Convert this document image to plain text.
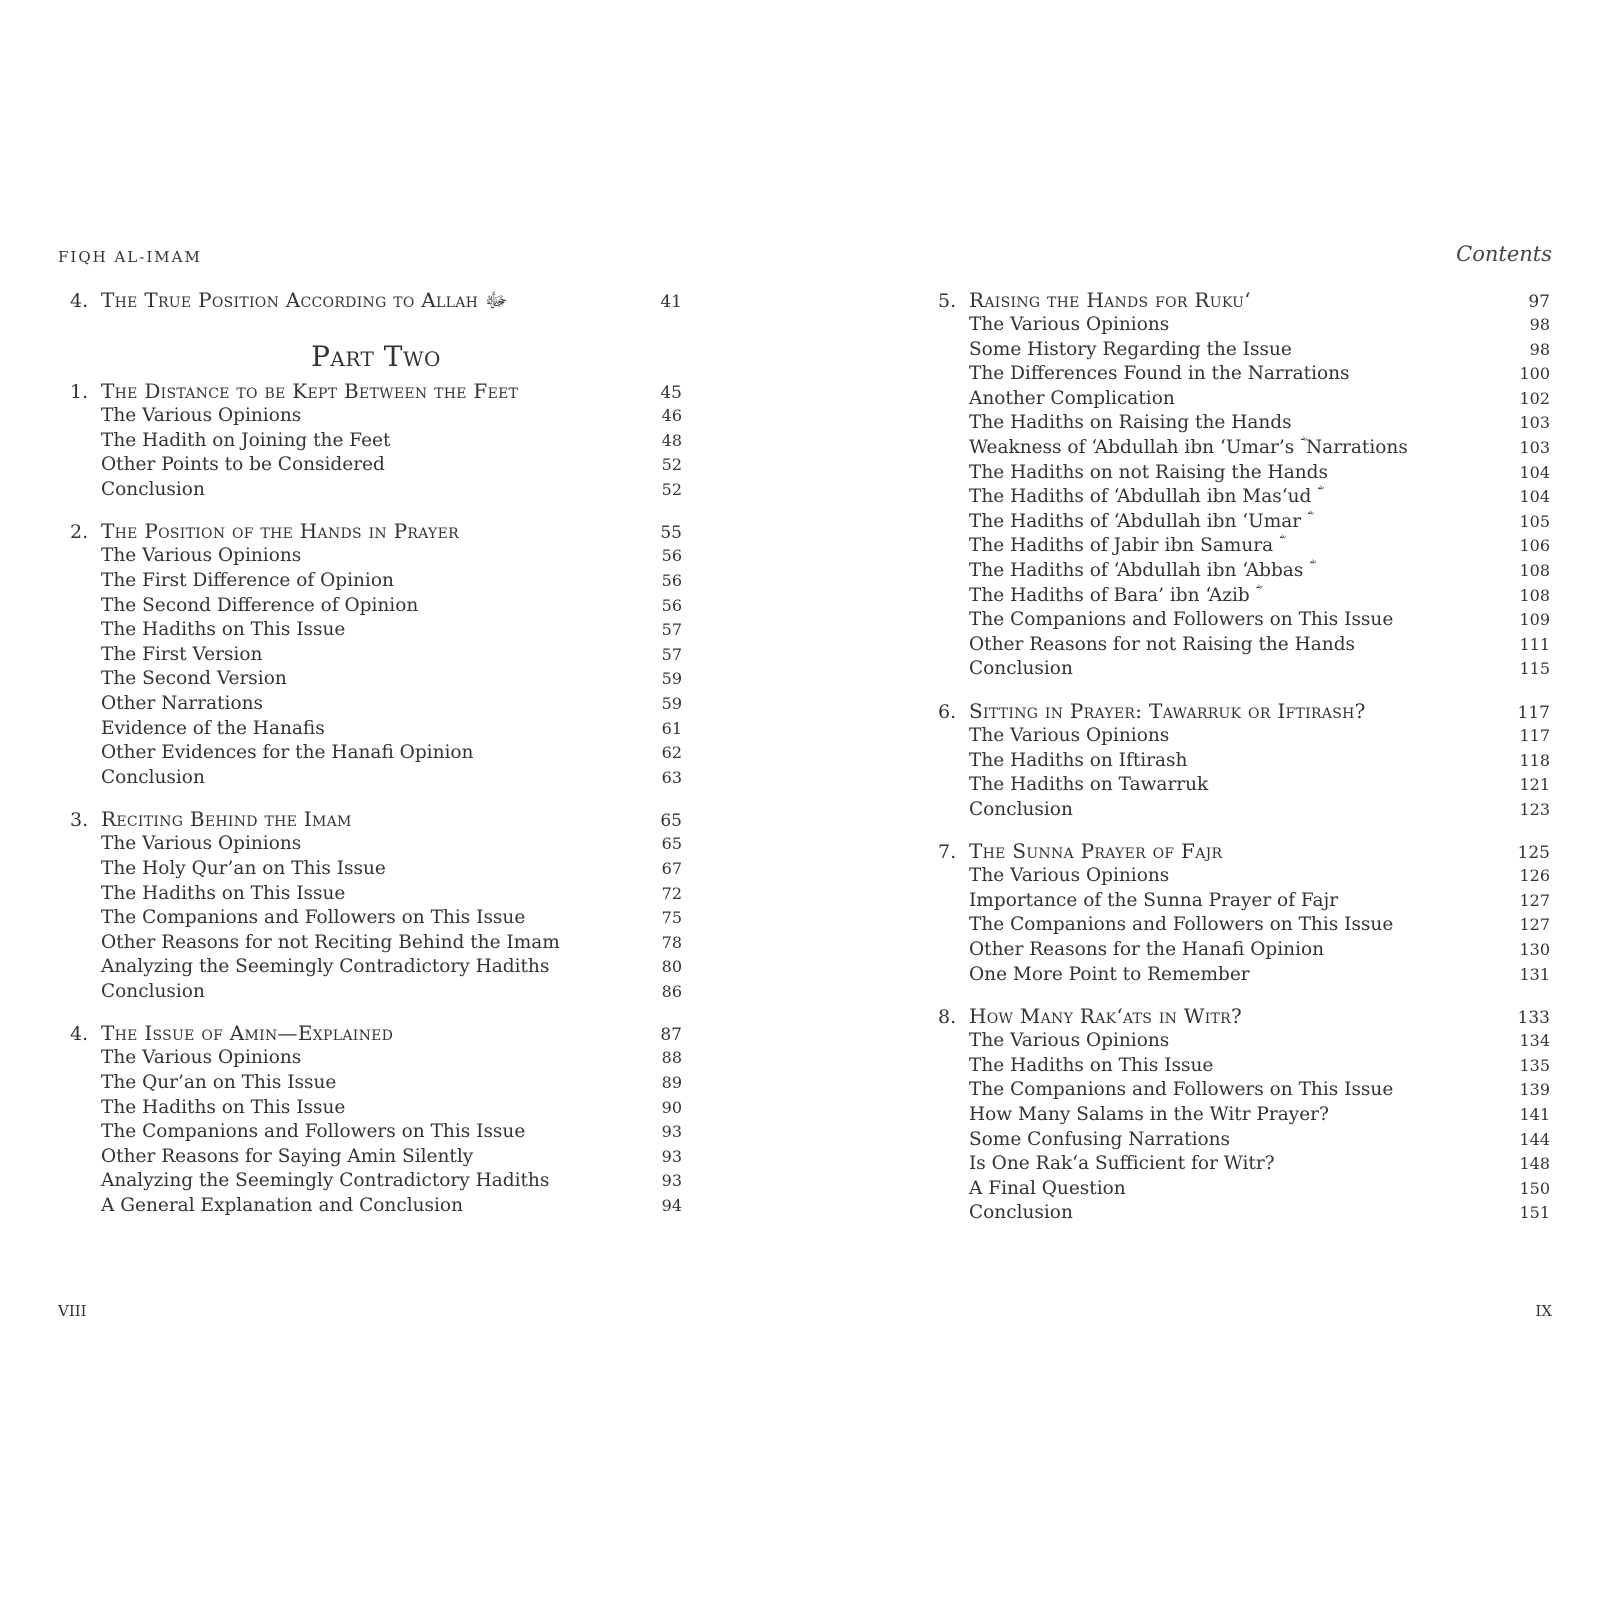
FIQH AL-IMAM	Contents
4. The True Position According to Allah ﷻ	41
Part Two
1. The Distance to be Kept Between the Feet	45
The Various Opinions	46
The Hadith on Joining the Feet	48
Other Points to be Considered	52
Conclusion	52
2. The Position of the Hands in Prayer	55
The Various Opinions	56
The First Difference of Opinion	56
The Second Difference of Opinion	56
The Hadiths on This Issue	57
The First Version	57
The Second Version	59
Other Narrations	59
Evidence of the Hanafis	61
Other Evidences for the Hanafi Opinion	62
Conclusion	63
3. Reciting Behind the Imam	65
The Various Opinions	65
The Holy Qur’an on This Issue	67
The Hadiths on This Issue	72
The Companions and Followers on This Issue	75
Other Reasons for not Reciting Behind the Imam	78
Analyzing the Seemingly Contradictory Hadiths	80
Conclusion	86
4. The Issue of Amin—Explained	87
The Various Opinions	88
The Qur’an on This Issue	89
The Hadiths on This Issue	90
The Companions and Followers on This Issue	93
Other Reasons for Saying Amin Silently	93
Analyzing the Seemingly Contradictory Hadiths	93
A General Explanation and Conclusion	94
5. Raising the Hands for Ruku‘	97
The Various Opinions	98
Some History Regarding the Issue	98
The Differences Found in the Narrations	100
Another Complication	102
The Hadiths on Raising the Hands	103
Weakness of ‘Abdullah ibn ‘Umar’s ؓ Narrations	103
The Hadiths on not Raising the Hands	104
The Hadiths of ‘Abdullah ibn Mas‘ud ؓ	104
The Hadiths of ‘Abdullah ibn ‘Umar ؓ	105
The Hadiths of Jabir ibn Samura ؓ	106
The Hadiths of ‘Abdullah ibn ‘Abbas ؓ	108
The Hadiths of Bara’ ibn ‘Azib ؓ	108
The Companions and Followers on This Issue	109
Other Reasons for not Raising the Hands	111
Conclusion	115
6. Sitting in Prayer: Tawarruk or Iftirash?	117
The Various Opinions	117
The Hadiths on Iftirash	118
The Hadiths on Tawarruk	121
Conclusion	123
7. The Sunna Prayer of Fajr	125
The Various Opinions	126
Importance of the Sunna Prayer of Fajr	127
The Companions and Followers on This Issue	127
Other Reasons for the Hanafi Opinion	130
One More Point to Remember	131
8. How Many Rak‘ats in Witr?	133
The Various Opinions	134
The Hadiths on This Issue	135
The Companions and Followers on This Issue	139
How Many Salams in the Witr Prayer?	141
Some Confusing Narrations	144
Is One Rak‘a Sufficient for Witr?	148
A Final Question	150
Conclusion	151
VIII	IX
